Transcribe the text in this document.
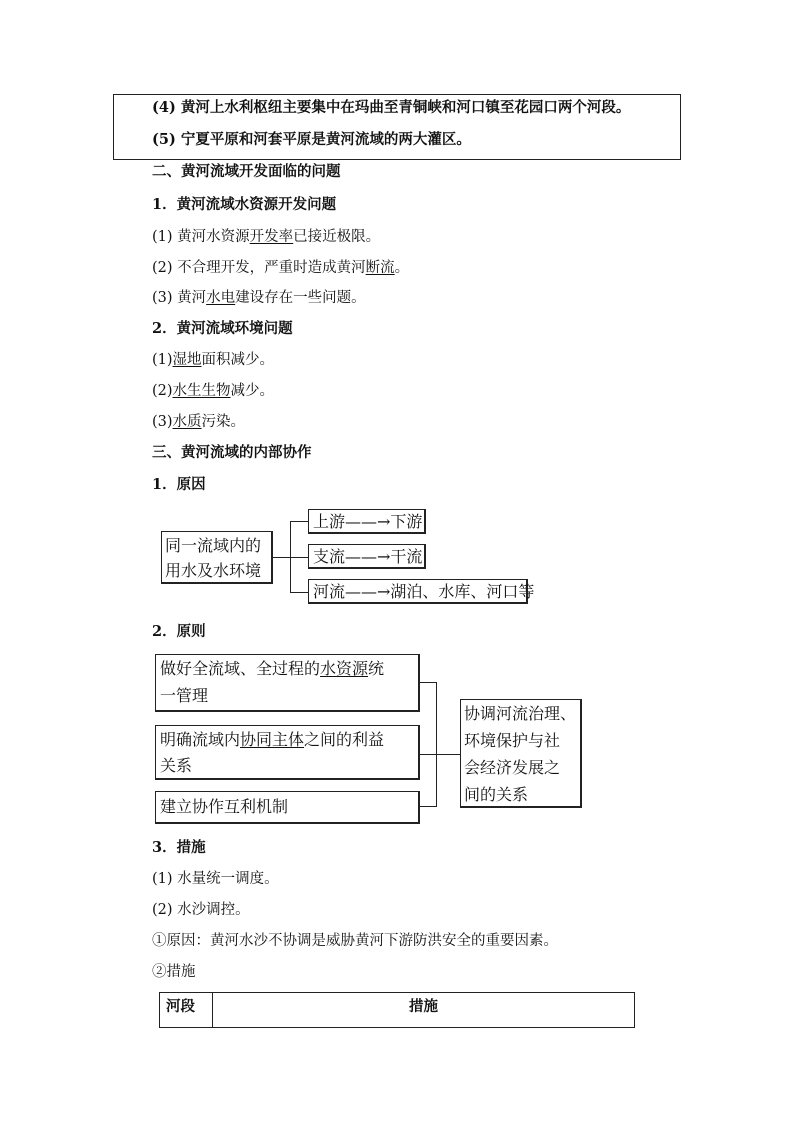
(4) 黄河上水利枢纽主要集中在玛曲至青铜峡和河口镇至花园口两个河段。
(5) 宁夏平原和河套平原是黄河流域的两大灌区。
二、黄河流域开发面临的问题
1．黄河流域水资源开发问题
(1) 黄河水资源开发率已接近极限。
(2) 不合理开发，严重时造成黄河断流。
(3) 黄河水电建设存在一些问题。
2．黄河流域环境问题
(1)湿地面积减少。
(2)水生生物减少。
(3)水质污染。
三、黄河流域的内部协作
1．原因
同一流域内的
用水及水环境
上游——→下游
支流——→干流
河流——→湖泊、水库、河口等
2．原则
做好全流域、全过程的水资源统
一管理
明确流域内协同主体之间的利益
关系
建立协作互利机制
协调河流治理、
环境保护与社
会经济发展之
间的关系
3．措施
(1) 水量统一调度。
(2) 水沙调控。
①原因：黄河水沙不协调是威胁黄河下游防洪安全的重要因素。
②措施
河段	措施
